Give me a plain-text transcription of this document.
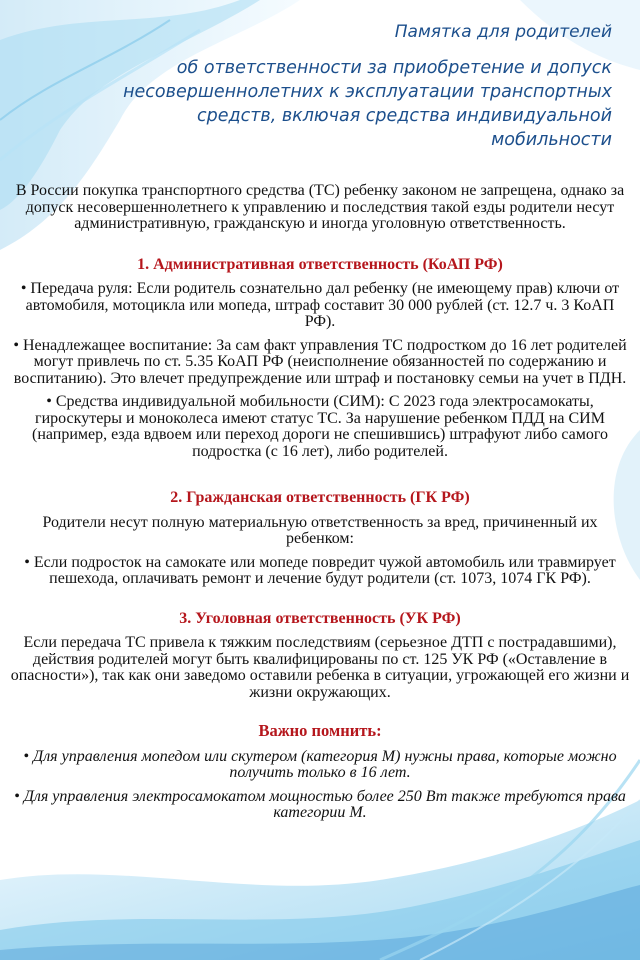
Памятка для родителей
об ответственности за приобретение и допуск несовершеннолетних к эксплуатации транспортных средств, включая средства индивидуальной мобильности

В России покупка транспортного средства (ТС) ребенку законом не запрещена, однако за допуск несовершеннолетнего к управлению и последствия такой езды родители несут административную, гражданскую и иногда уголовную ответственность.

1. Административная ответственность (КоАП РФ)

• Передача руля: Если родитель сознательно дал ребенку (не имеющему прав) ключи от автомобиля, мотоцикла или мопеда, штраф составит 30 000 рублей (ст. 12.7 ч. 3 КоАП РФ).

• Ненадлежащее воспитание: За сам факт управления ТС подростком до 16 лет родителей могут привлечь по ст. 5.35 КоАП РФ (неисполнение обязанностей по содержанию и воспитанию). Это влечет предупреждение или штраф и постановку семьи на учет в ПДН.

• Средства индивидуальной мобильности (СИМ): С 2023 года электросамокаты, гироскутеры и моноколеса имеют статус ТС. За нарушение ребенком ПДД на СИМ (например, езда вдвоем или переход дороги не спешившись) штрафуют либо самого подростка (с 16 лет), либо родителей.

2. Гражданская ответственность (ГК РФ)

Родители несут полную материальную ответственность за вред, причиненный их ребенком:

• Если подросток на самокате или мопеде повредит чужой автомобиль или травмирует пешехода, оплачивать ремонт и лечение будут родители (ст. 1073, 1074 ГК РФ).

3. Уголовная ответственность (УК РФ)

Если передача ТС привела к тяжким последствиям (серьезное ДТП с пострадавшими), действия родителей могут быть квалифицированы по ст. 125 УК РФ («Оставление в опасности»), так как они заведомо оставили ребенка в ситуации, угрожающей его жизни и жизни окружающих.

Важно помнить:

• Для управления мопедом или скутером (категория М) нужны права, которые можно получить только в 16 лет.

• Для управления электросамокатом мощностью более 250 Вт также требуются права категории М.
